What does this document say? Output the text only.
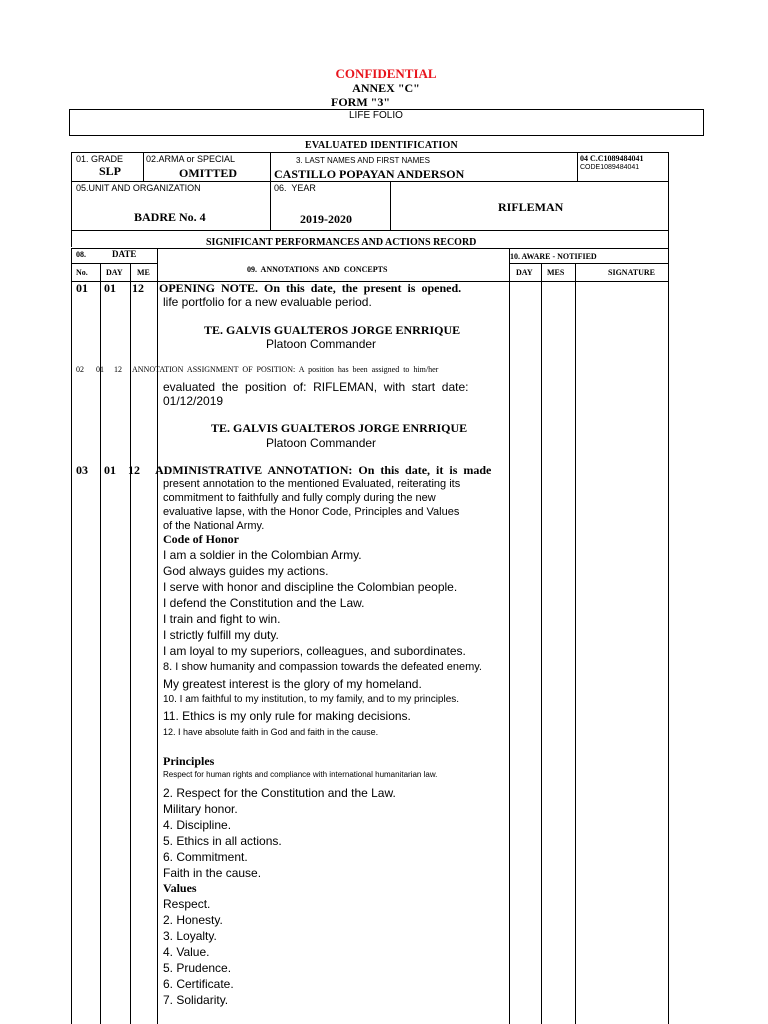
CONFIDENTIAL
ANNEX "C"
FORM "3"
LIFE FOLIO
EVALUATED IDENTIFICATION
01. GRADE
SLP
02.ARMA or SPECIAL
OMITTED
3. LAST NAMES AND FIRST NAMES
CASTILLO POPAYAN ANDERSON
04 C.C1089484041
CODE1089484041
05.UNIT AND ORGANIZATION
BADRE No. 4
06.  YEAR
2019-2020
RIFLEMAN
SIGNIFICANT PERFORMANCES AND ACTIONS RECORD
08.	DATE
No. DAY ME	09.  ANNOTATIONS  AND  CONCEPTS
10. AWARE - NOTIFIED
DAY MES	SIGNATURE
01 01 12 OPENING  NOTE.  On  this  date,  the  present  is  opened.
life portfolio for a new evaluable period.
TE. GALVIS GUALTEROS JORGE ENRRIQUE
Platoon Commander
02 01 12 ANNOTATION  ASSIGNMENT  OF  POSITION:  A  position  has  been  assigned  to  him/her
evaluated  the  position  of:  RIFLEMAN,  with  start  date:
01/12/2019
TE. GALVIS GUALTEROS JORGE ENRRIQUE
Platoon Commander
03 01 12 ADMINISTRATIVE  ANNOTATION:  On  this  date,  it  is  made
present annotation to the mentioned Evaluated, reiterating its
commitment to faithfully and fully comply during the new
evaluative lapse, with the Honor Code, Principles and Values
of the National Army.
Code of Honor
I am a soldier in the Colombian Army.
God always guides my actions.
I serve with honor and discipline the Colombian people.
I defend the Constitution and the Law.
I train and fight to win.
I strictly fulfill my duty.
I am loyal to my superiors, colleagues, and subordinates.
8. I show humanity and compassion towards the defeated enemy.
My greatest interest is the glory of my homeland.
10. I am faithful to my institution, to my family, and to my principles.
11. Ethics is my only rule for making decisions.
12. I have absolute faith in God and faith in the cause.
Principles
Respect for human rights and compliance with international humanitarian law.
2. Respect for the Constitution and the Law.
Military honor.
4. Discipline.
5. Ethics in all actions.
6. Commitment.
Faith in the cause.
Values
Respect.
2. Honesty.
3. Loyalty.
4. Value.
5. Prudence.
6. Certificate.
7. Solidarity.
